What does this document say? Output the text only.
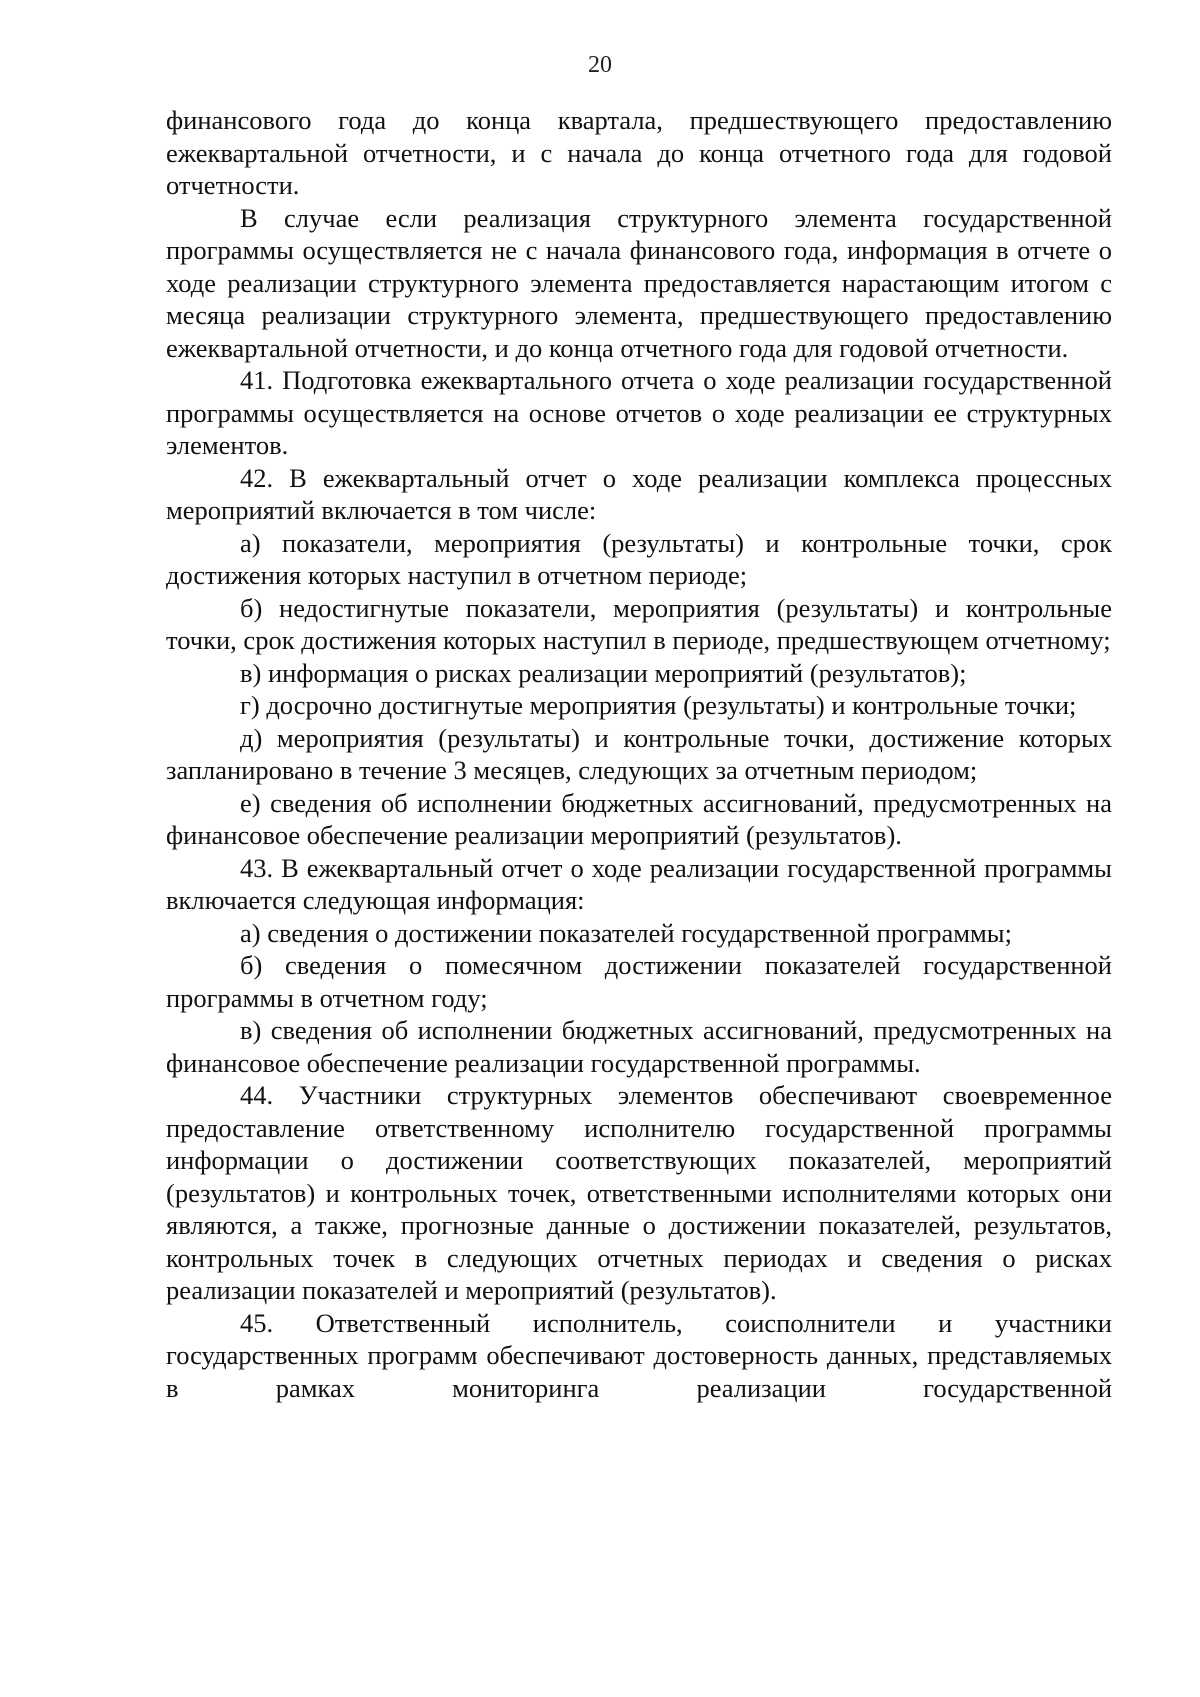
20

финансового года до конца квартала, предшествующего предоставлению ежеквартальной отчетности, и с начала до конца отчетного года для годовой отчетности.

В случае если реализация структурного элемента государственной программы осуществляется не с начала финансового года, информация в отчете о ходе реализации структурного элемента предоставляется нарастающим итогом с месяца реализации структурного элемента, предшествующего предоставлению ежеквартальной отчетности, и до конца отчетного года для годовой отчетности.

41. Подготовка ежеквартального отчета о ходе реализации государственной программы осуществляется на основе отчетов о ходе реализации ее структурных элементов.

42. В ежеквартальный отчет о ходе реализации комплекса процессных мероприятий включается в том числе:

а) показатели, мероприятия (результаты) и контрольные точки, срок достижения которых наступил в отчетном периоде;

б) недостигнутые показатели, мероприятия (результаты) и контрольные точки, срок достижения которых наступил в периоде, предшествующем отчетному;

в) информация о рисках реализации мероприятий (результатов);

г) досрочно достигнутые мероприятия (результаты) и контрольные точки;

д) мероприятия (результаты) и контрольные точки, достижение которых запланировано в течение 3 месяцев, следующих за отчетным периодом;

е) сведения об исполнении бюджетных ассигнований, предусмотренных на финансовое обеспечение реализации мероприятий (результатов).

43. В ежеквартальный отчет о ходе реализации государственной программы включается следующая информация:

а) сведения о достижении показателей государственной программы;

б) сведения о помесячном достижении показателей государственной программы в отчетном году;

в) сведения об исполнении бюджетных ассигнований, предусмотренных на финансовое обеспечение реализации государственной программы.

44. Участники структурных элементов обеспечивают своевременное предоставление ответственному исполнителю государственной программы информации о достижении соответствующих показателей, мероприятий (результатов) и контрольных точек, ответственными исполнителями которых они являются, а также, прогнозные данные о достижении показателей, результатов, контрольных точек в следующих отчетных периодах и сведения о рисках реализации показателей и мероприятий (результатов).

45. Ответственный исполнитель, соисполнители и участники государственных программ обеспечивают достоверность данных, представляемых в рамках мониторинга реализации государственной
